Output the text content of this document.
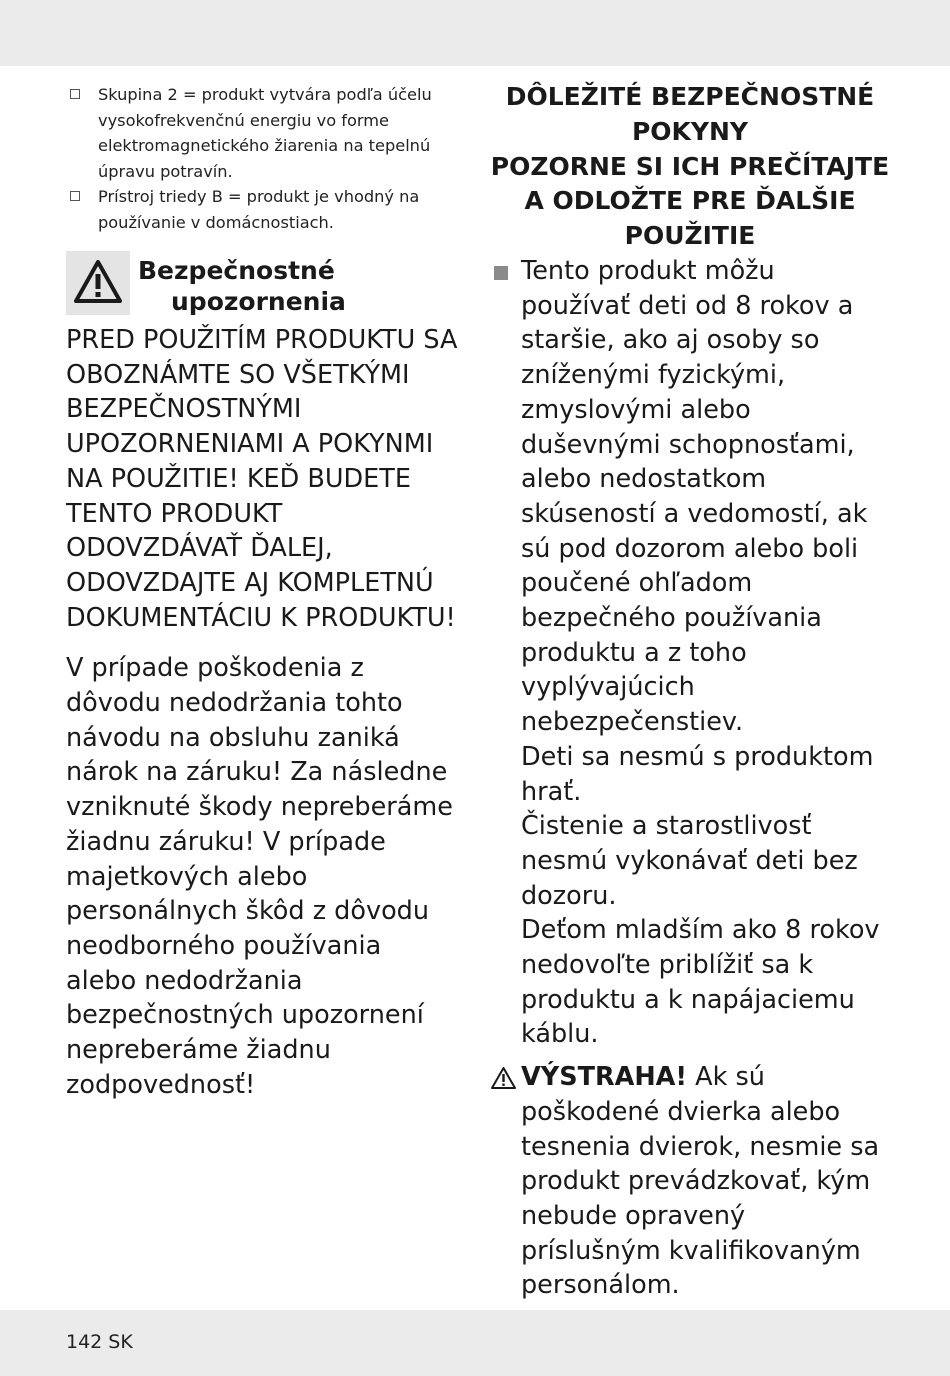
Skupina 2 = produkt vytvára podľa účelu vysokofrekvenčnú energiu vo forme elektromagnetického žiarenia na tepelnú úpravu potravín.
Prístroj triedy B = produkt je vhodný na používanie v domácnostiach.
Bezpečnostné
upozornenia
PRED POUŽITÍM PRODUKTU SA OBOZNÁMTE SO VŠETKÝMI BEZPEČNOSTNÝMI UPOZORNENIAMI A POKYNMI NA POUŽITIE! KEĎ BUDETE TENTO PRODUKT ODOVZDÁVAŤ ĎALEJ, ODOVZDAJTE AJ KOMPLETNÚ DOKUMENTÁCIU K PRODUKTU!
V prípade poškodenia z dôvodu nedodržania tohto návodu na obsluhu zaniká nárok na záruku! Za následne vzniknuté škody nepreberáme žiadnu záruku! V prípade majetkových alebo personálnych škôd z dôvodu neodborného používania alebo nedodržania bezpečnostných upozornení nepreberáme žiadnu zodpovednosť!
DÔLEŽITÉ BEZPEČNOSTNÉ POKYNY
POZORNE SI ICH PREČÍTAJTE A ODLOŽTE PRE ĎALŠIE POUŽITIE
Tento produkt môžu používať deti od 8 rokov a staršie, ako aj osoby so zníženými fyzickými, zmyslovými alebo duševnými schopnosťami, alebo nedostatkom skúseností a vedomostí, ak sú pod dozorom alebo boli poučené ohľadom bezpečného používania produktu a z toho vyplývajúcich nebezpečenstiev.
Deti sa nesmú s produktom hrať.
Čistenie a starostlivosť nesmú vykonávať deti bez dozoru.
Deťom mladším ako 8 rokov nedovoľte priblížiť sa k produktu a k napájaciemu káblu.
VÝSTRAHA! Ak sú poškodené dvierka alebo tesnenia dvierok, nesmie sa produkt prevádzkovať, kým nebude opravený príslušným kvalifikovaným personálom.
142 SK
